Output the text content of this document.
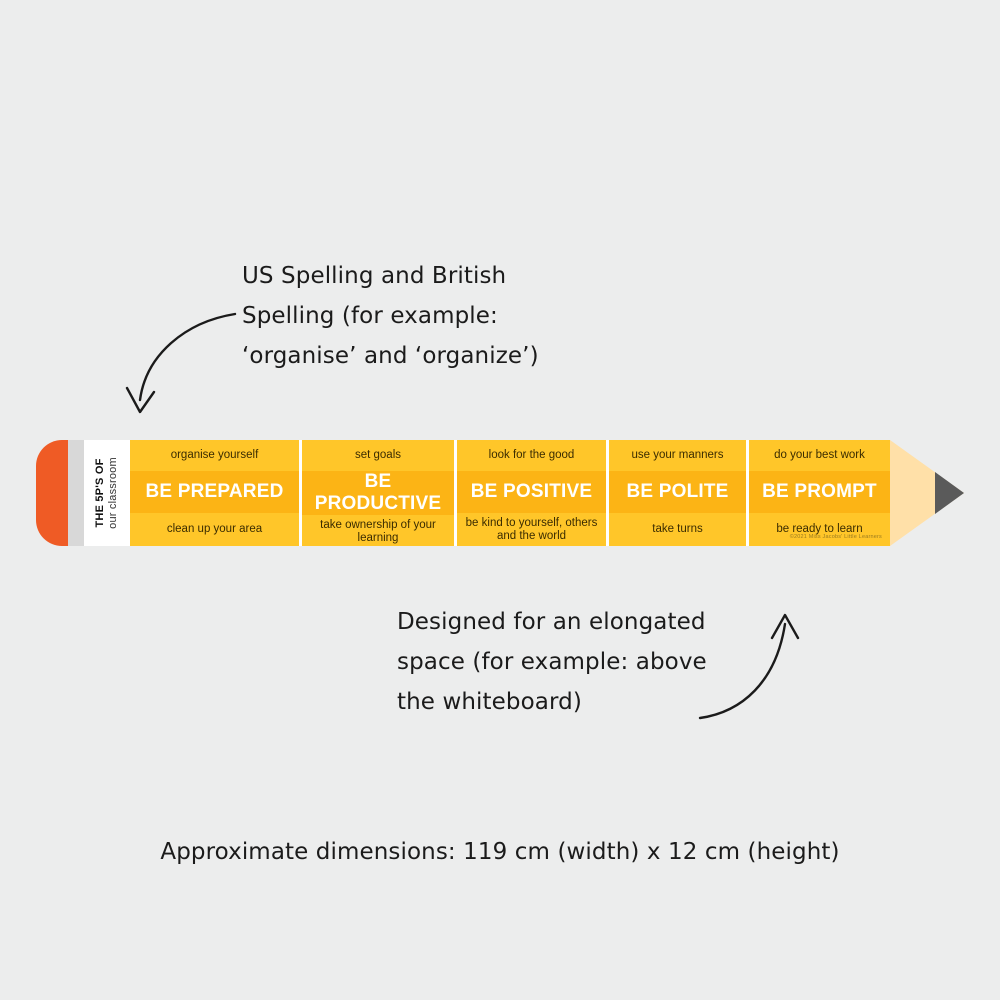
US Spelling and British Spelling (for example: ‘organise’ and ‘organize’)
Designed for an elongated space (for example: above the whiteboard)
Approximate dimensions: 119 cm (width) x 12 cm (height)
THE 5P'S OF our classroom
organise yourself
BE PREPARED
clean up your area
set goals
BE PRODUCTIVE
take ownership of your learning
look for the good
BE POSITIVE
be kind to yourself, others and the world
use your manners
BE POLITE
take turns
do your best work
BE PROMPT
be ready to learn
©2021 Miss Jacobs' Little Learners
